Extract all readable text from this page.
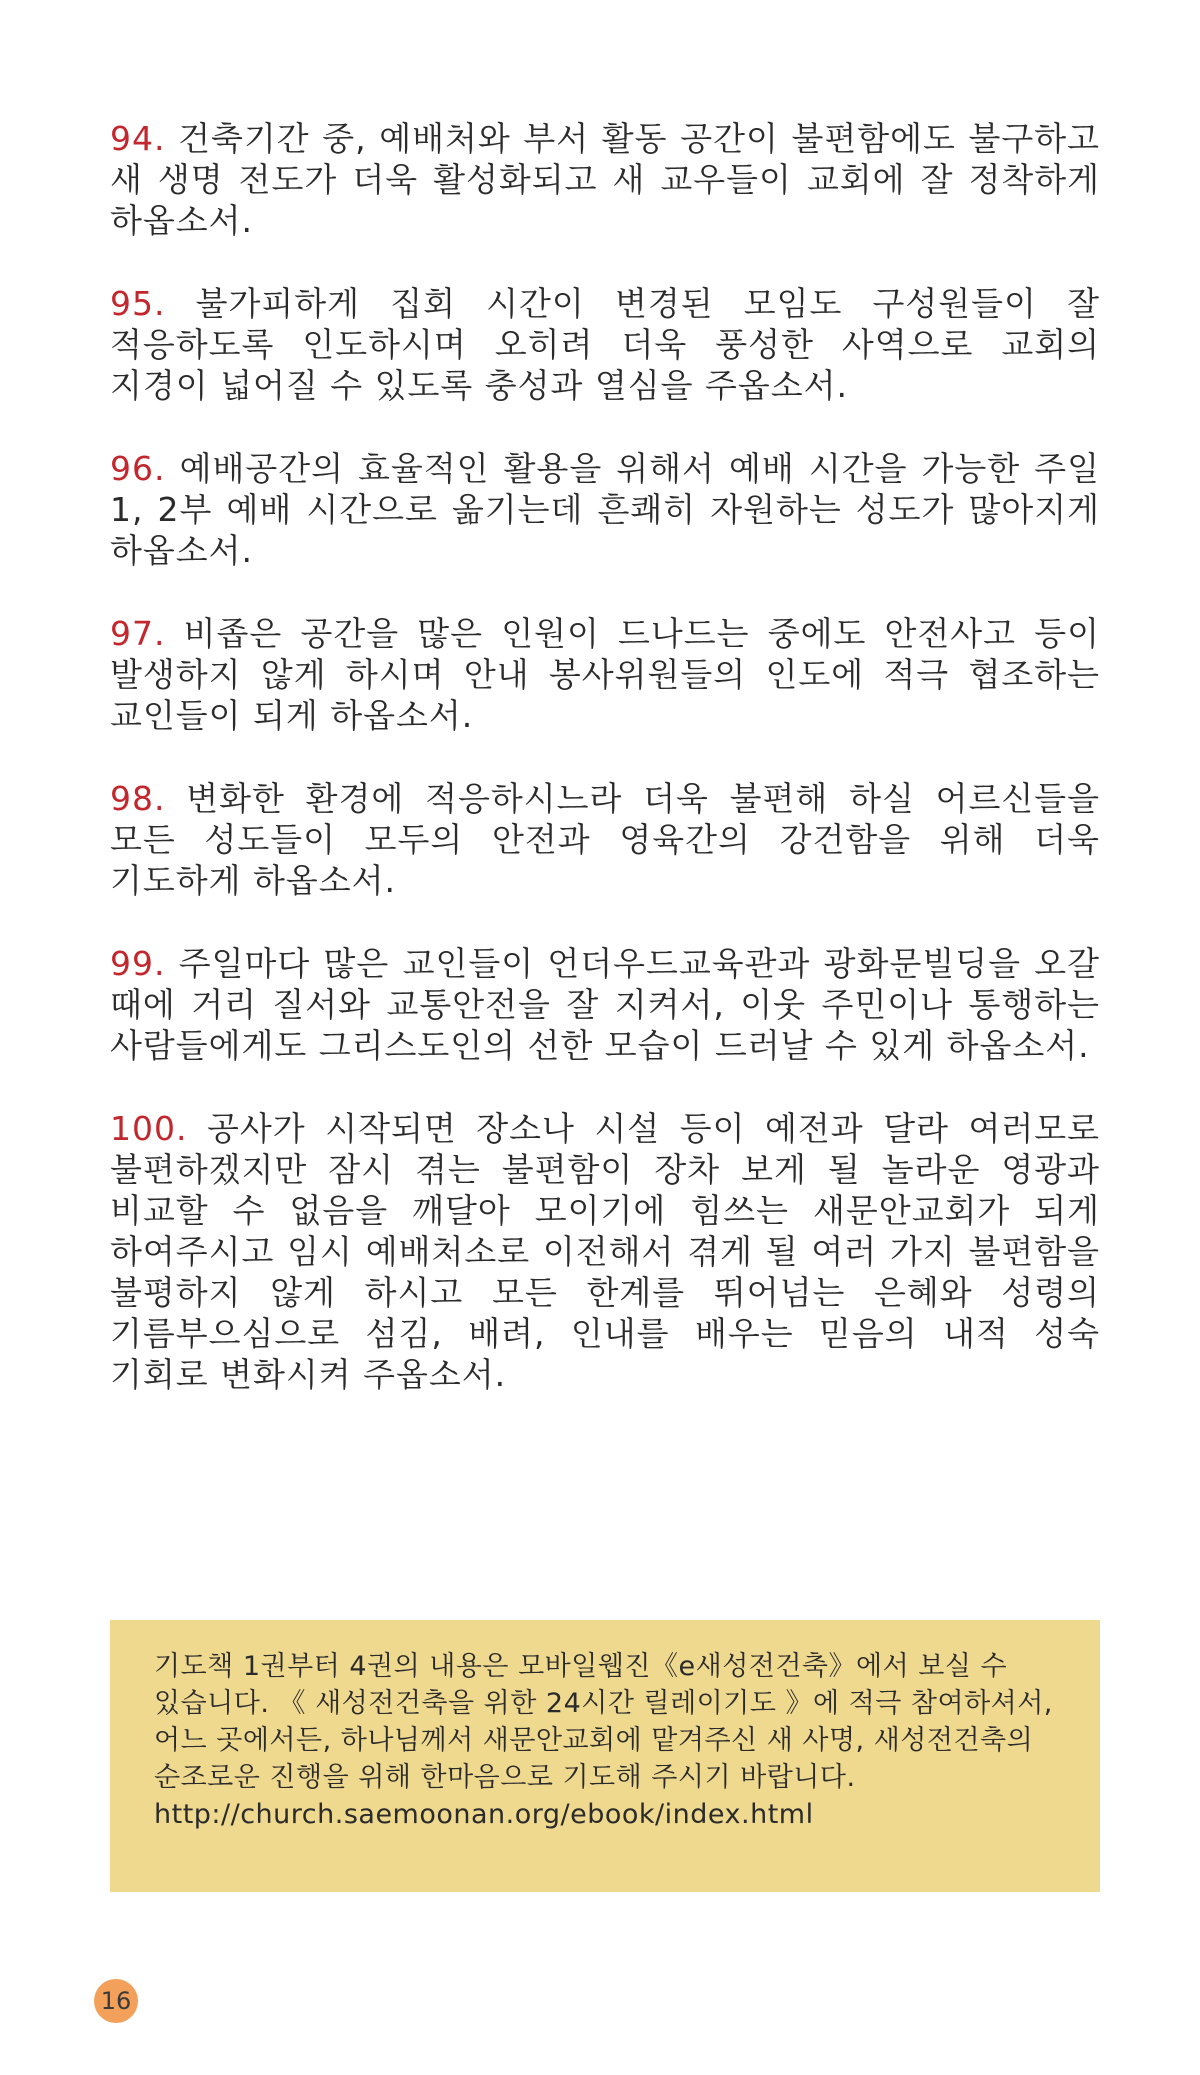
94. 건축기간 중, 예배처와 부서 활동 공간이 불편함에도 불구하고 새 생명 전도가 더욱 활성화되고 새 교우들이 교회에 잘 정착하게 하옵소서.

95. 불가피하게 집회 시간이 변경된 모임도 구성원들이 잘 적응하도록 인도하시며 오히려 더욱 풍성한 사역으로 교회의 지경이 넓어질 수 있도록 충성과 열심을 주옵소서.

96. 예배공간의 효율적인 활용을 위해서 예배 시간을 가능한 주일 1, 2부 예배 시간으로 옮기는데 흔쾌히 자원하는 성도가 많아지게 하옵소서.

97. 비좁은 공간을 많은 인원이 드나드는 중에도 안전사고 등이 발생하지 않게 하시며 안내 봉사위원들의 인도에 적극 협조하는 교인들이 되게 하옵소서.

98. 변화한 환경에 적응하시느라 더욱 불편해 하실 어르신들을 모든 성도들이 모두의 안전과 영육간의 강건함을 위해 더욱 기도하게 하옵소서.

99. 주일마다 많은 교인들이 언더우드교육관과 광화문빌딩을 오갈 때에 거리 질서와 교통안전을 잘 지켜서, 이웃 주민이나 통행하는 사람들에게도 그리스도인의 선한 모습이 드러날 수 있게 하옵소서.

100. 공사가 시작되면 장소나 시설 등이 예전과 달라 여러모로 불편하겠지만 잠시 겪는 불편함이 장차 보게 될 놀라운 영광과 비교할 수 없음을 깨달아 모이기에 힘쓰는 새문안교회가 되게 하여주시고 임시 예배처소로 이전해서 겪게 될 여러 가지 불편함을 불평하지 않게 하시고 모든 한계를 뛰어넘는 은혜와 성령의 기름부으심으로 섬김, 배려, 인내를 배우는 믿음의 내적 성숙 기회로 변화시켜 주옵소서.

기도책 1권부터 4권의 내용은 모바일웹진《e새성전건축》에서 보실 수 있습니다. 《 새성전건축을 위한 24시간 릴레이기도 》에 적극 참여하셔서, 어느 곳에서든, 하나님께서 새문안교회에 맡겨주신 새 사명, 새성전건축의 순조로운 진행을 위해 한마음으로 기도해 주시기 바랍니다.
http://church.saemoonan.org/ebook/index.html
16
